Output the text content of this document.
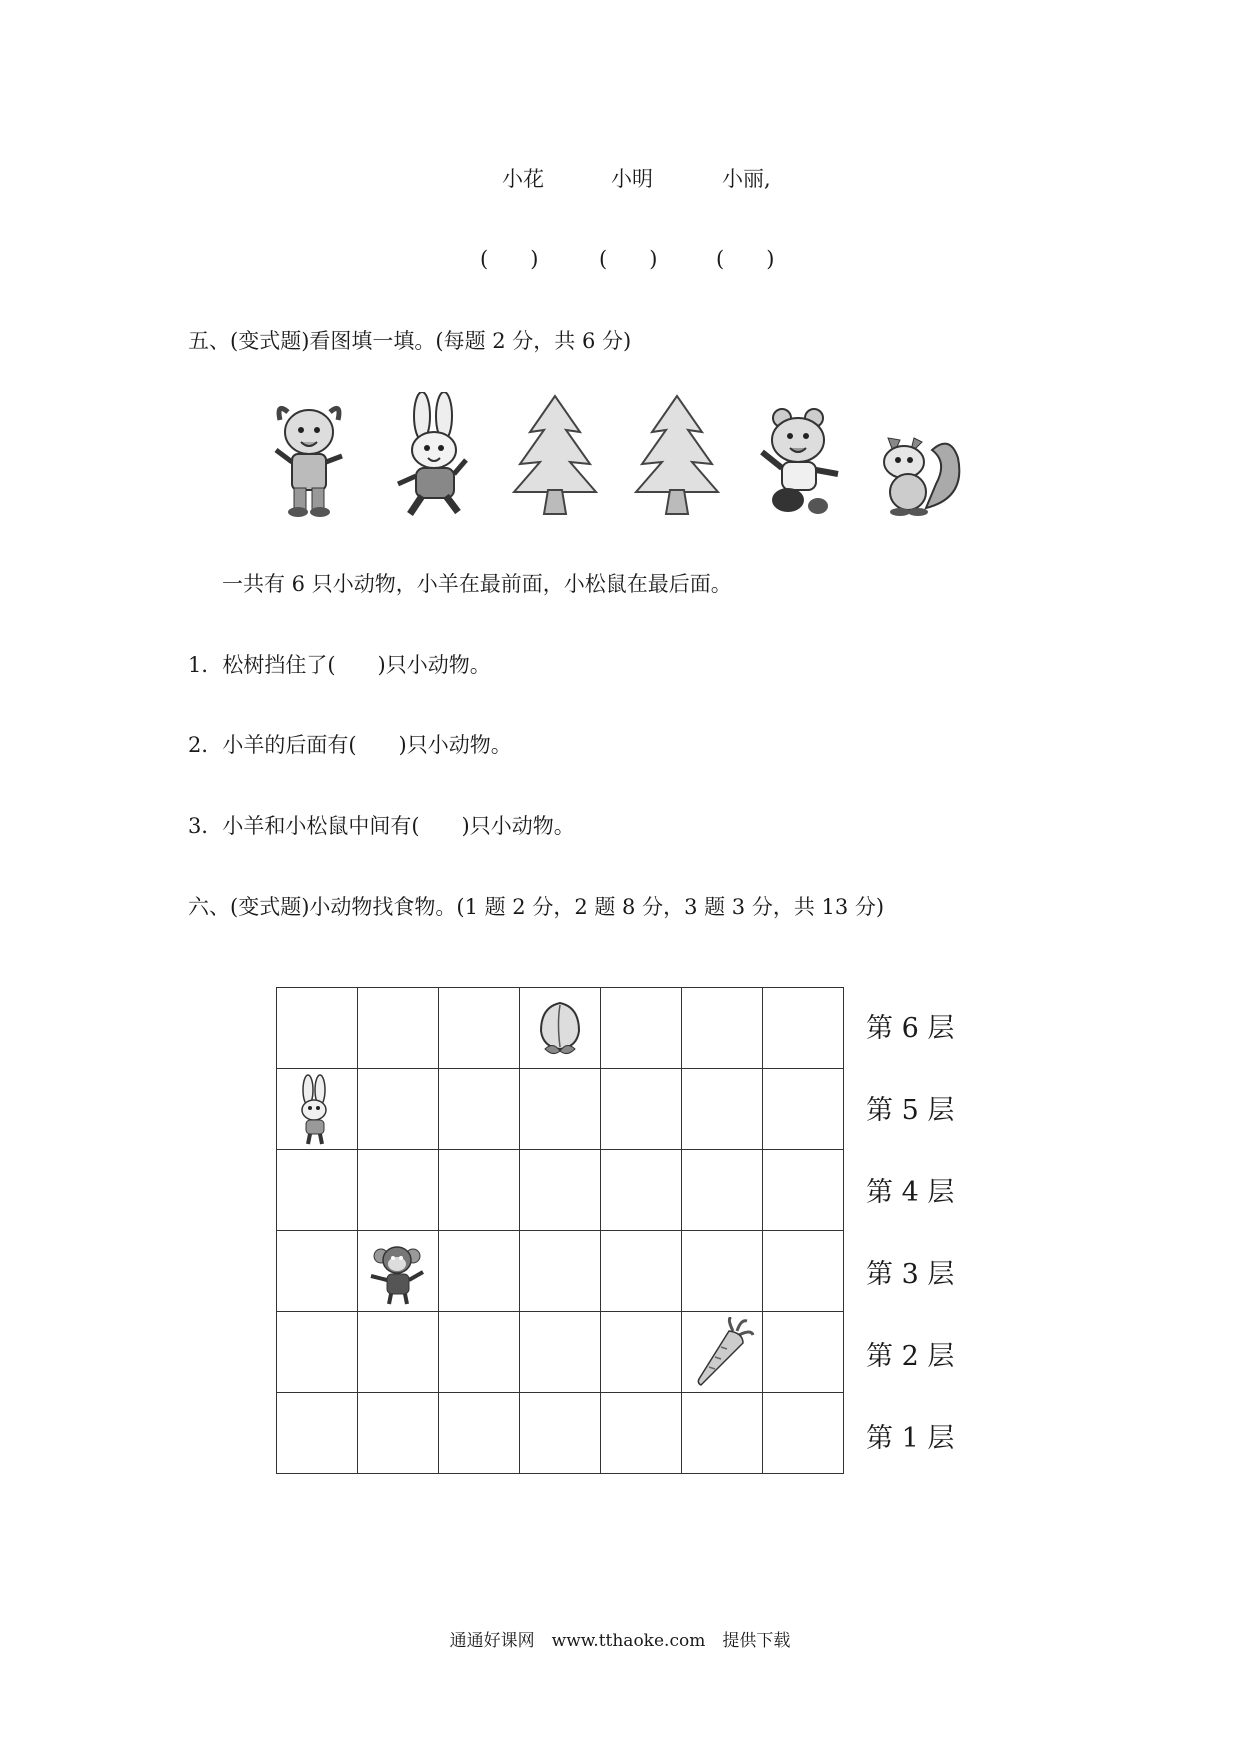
小花	小明	小丽,
(　　)	(　　)	(　　)
五、(变式题)看图填一填。(每题 2 分，共 6 分)
一共有 6 只小动物，小羊在最前面，小松鼠在最后面。
1．松树挡住了(　　)只小动物。
2．小羊的后面有(　　)只小动物。
3．小羊和小松鼠中间有(　　)只小动物。
六、(变式题)小动物找食物。(1 题 2 分，2 题 8 分，3 题 3 分，共 13 分)

第 6 层
第 5 层
第 4 层
第 3 层
第 2 层
第 1 层
通通好课网　www.tthaoke.com　提供下载
